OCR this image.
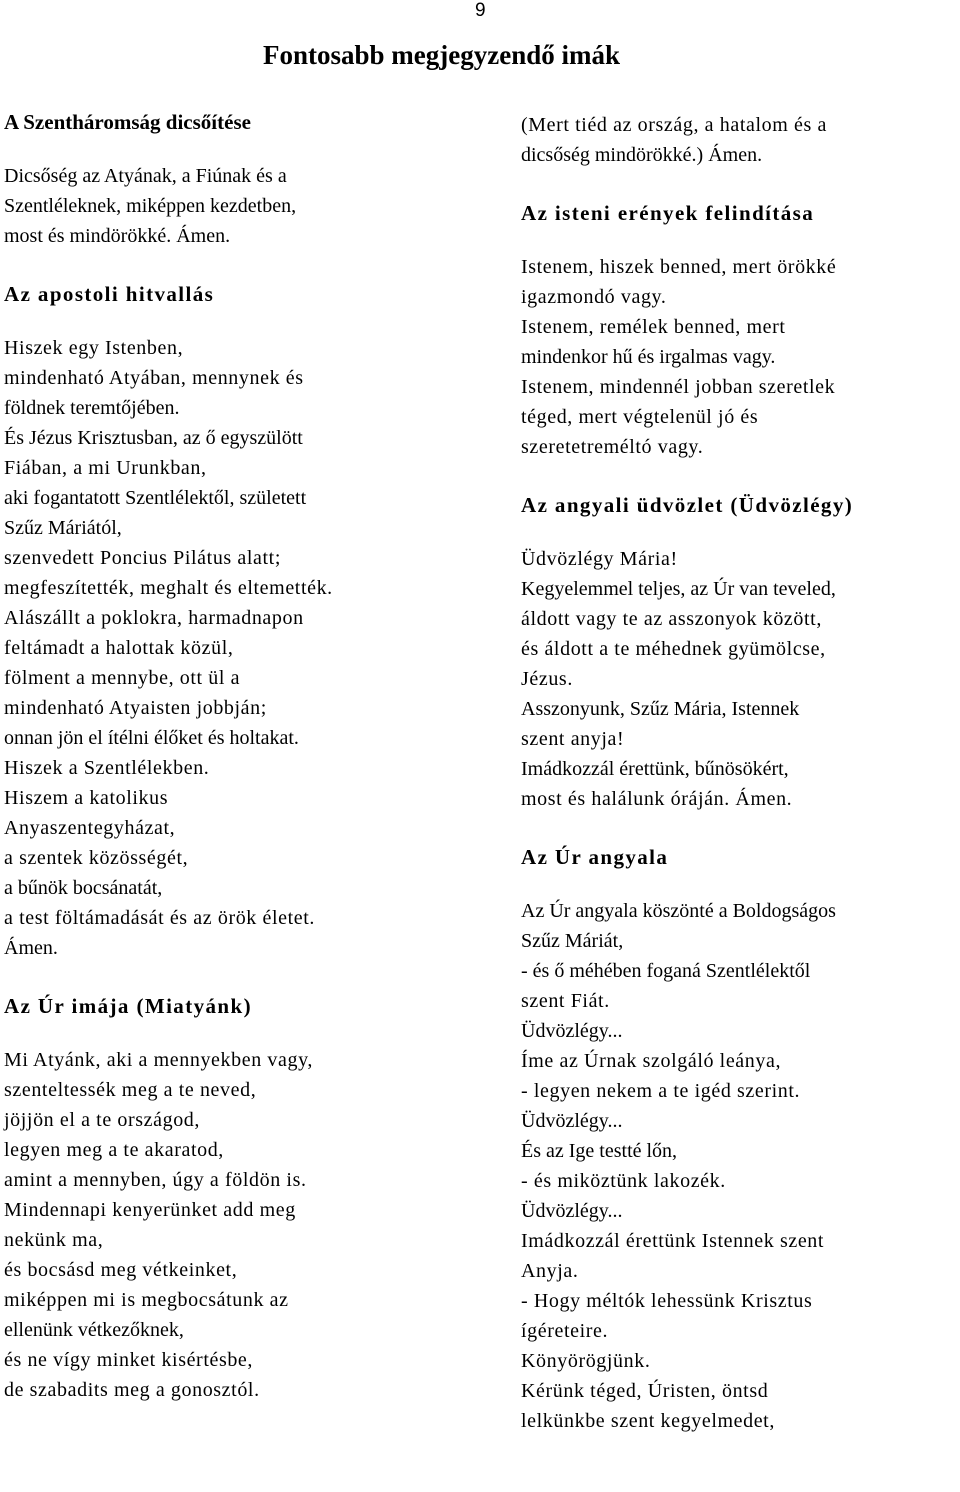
9
Fontosabb megjegyzendő imák
A Szentháromság dicsőítése
Dicsőség az Atyának, a Fiúnak és a
Szentléleknek, miképpen kezdetben,
most és mindörökké. Ámen.
Az apostoli hitvallás
Hiszek egy Istenben,
mindenható Atyában, mennynek és
földnek teremtőjében.
És Jézus Krisztusban, az ő egyszülött
Fiában, a mi Urunkban,
aki fogantatott Szentlélektől, született
Szűz Máriától,
szenvedett Poncius Pilátus alatt;
megfeszítették, meghalt és eltemették.
Alászállt a poklokra, harmadnapon
feltámadt a halottak közül,
fölment a mennybe, ott ül a
mindenható Atyaisten jobbján;
onnan jön el ítélni élőket és holtakat.
Hiszek a Szentlélekben.
Hiszem a katolikus
Anyaszentegyházat,
a szentek közösségét,
a bűnök bocsánatát,
a test föltámadását és az örök életet.
Ámen.
Az Úr imája (Miatyánk)
Mi Atyánk, aki a mennyekben vagy,
szenteltessék meg a te neved,
jöjjön el a te országod,
legyen meg a te akaratod,
amint a mennyben, úgy a földön is.
Mindennapi kenyerünket add meg
nekünk ma,
és bocsásd meg vétkeinket,
miképpen mi is megbocsátunk az
ellenünk vétkezőknek,
és ne vígy minket kisértésbe,
de szabadits meg a gonosztól.
(Mert tiéd az ország, a hatalom és a
dicsőség mindörökké.) Ámen.
Az isteni erények felindítása
Istenem, hiszek benned, mert örökké
igazmondó vagy.
Istenem, remélek benned, mert
mindenkor hű és irgalmas vagy.
Istenem, mindennél jobban szeretlek
téged, mert végtelenül jó és
szeretetreméltó vagy.
Az angyali üdvözlet (Üdvözlégy)
Üdvözlégy Mária!
Kegyelemmel teljes, az Úr van teveled,
áldott vagy te az asszonyok között,
és áldott a te méhednek gyümölcse,
Jézus.
Asszonyunk, Szűz Mária, Istennek
szent anyja!
Imádkozzál érettünk, bűnösökért,
most és halálunk óráján. Ámen.
Az Úr angyala
Az Úr angyala köszönté a Boldogságos
Szűz Máriát,
- és ő méhében foganá Szentlélektől
szent Fiát.
Üdvözlégy...
Íme az Úrnak szolgáló leánya,
- legyen nekem a te igéd szerint.
Üdvözlégy...
És az Ige testté lőn,
- és miköztünk lakozék.
Üdvözlégy...
Imádkozzál érettünk Istennek szent
Anyja.
- Hogy méltók lehessünk Krisztus
ígéreteire.
Könyörögjünk.
Kérünk téged, Úristen, öntsd
lelkünkbe szent kegyelmedet,
